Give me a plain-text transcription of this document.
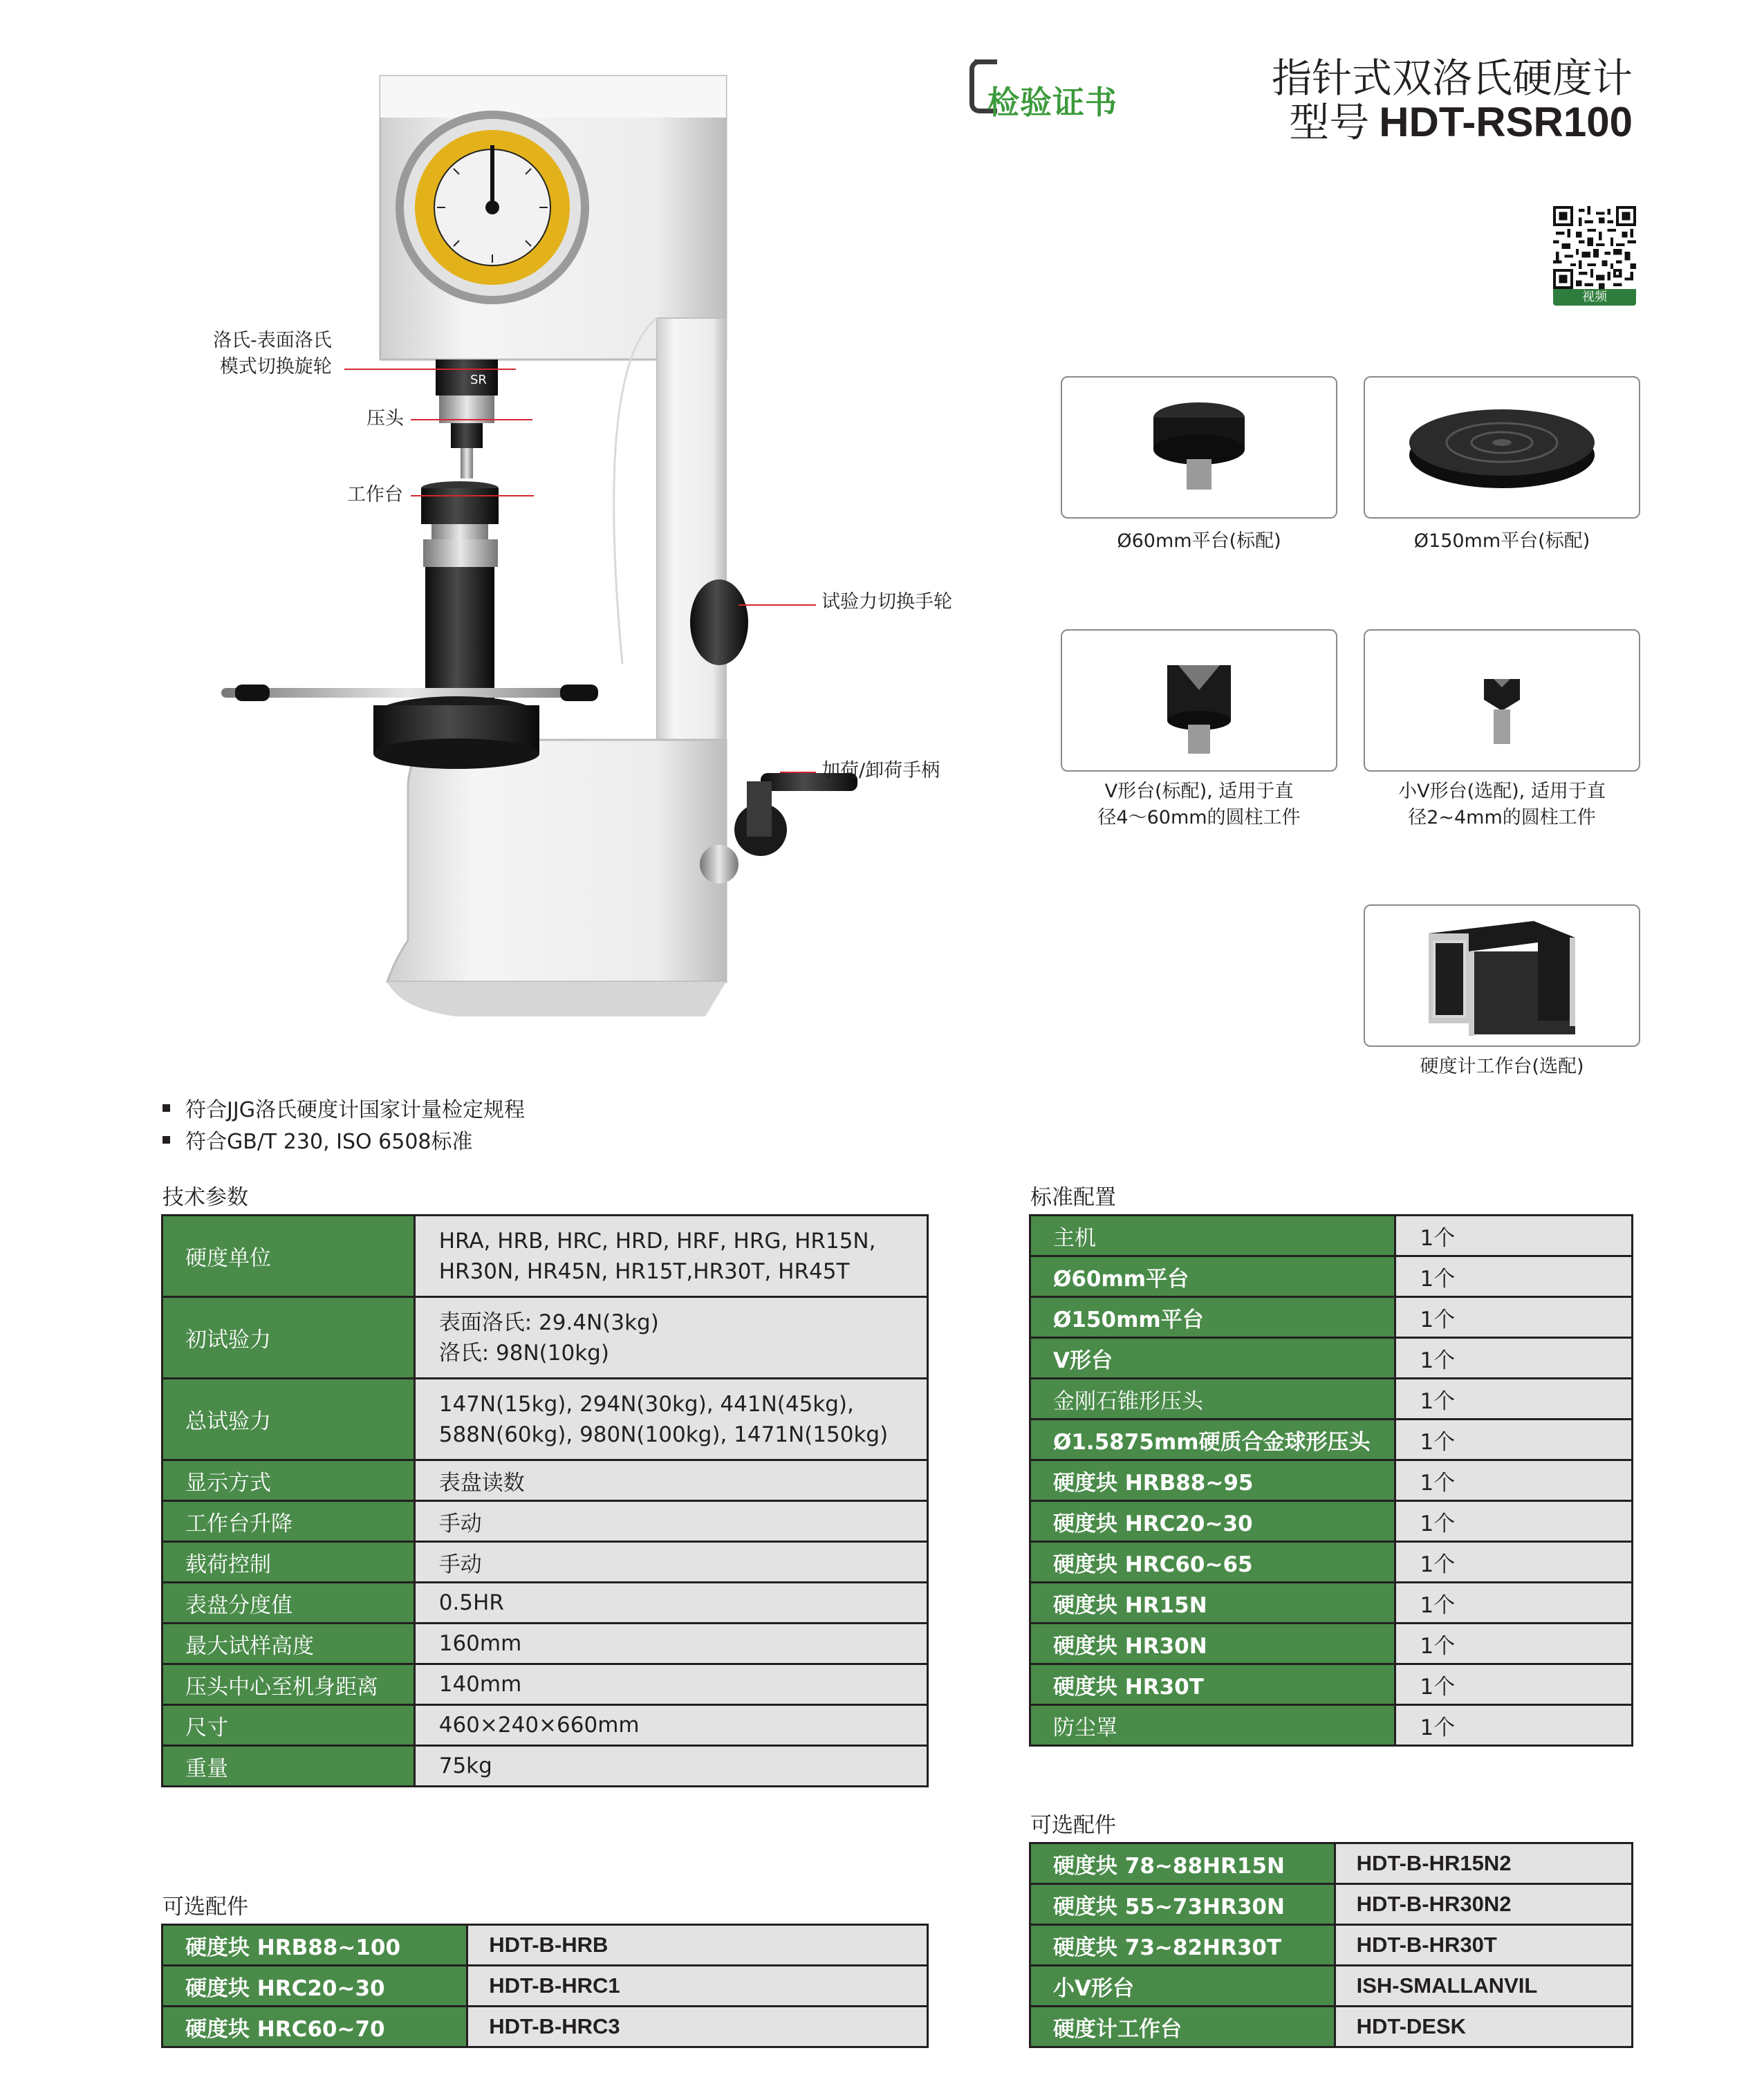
检验证书
指针式双洛氏硬度计
型号 HDT-RSR100
视频
SR
洛氏-表面洛氏
模式切换旋轮
压头
工作台
试验力切换手轮
加荷/卸荷手柄
Ø60mm平台(标配)	Ø150mm平台(标配)
V形台(标配), 适用于直
径4～60mm的圆柱工件
小V形台(选配), 适用于直
径2~4mm的圆柱工件
硬度计工作台(选配)
符合JJG洛氏硬度计国家计量检定规程
符合GB/T 230, ISO 6508标准
技术参数
硬度单位	HRA, HRB, HRC, HRD, HRF, HRG, HR15N,
HR30N, HR45N, HR15T,HR30T, HR45T

初试验力	表面洛氏: 29.4N(3kg)
洛氏: 98N(10kg)

总试验力	147N(15kg), 294N(30kg), 441N(45kg),
588N(60kg), 980N(100kg), 1471N(150kg)

显示方式	表盘读数
工作台升降	手动
载荷控制	手动
表盘分度值	0.5HR
最大试样高度	160mm
压头中心至机身距离	140mm
尺寸	460×240×660mm
重量	75kg
标准配置
主机	1个
Ø60mm平台	1个
Ø150mm平台	1个
V形台	1个
金刚石锥形压头	1个
Ø1.5875mm硬质合金球形压头	1个
硬度块 HRB88~95	1个
硬度块 HRC20~30	1个
硬度块 HRC60~65	1个
硬度块 HR15N	1个
硬度块 HR30N	1个
硬度块 HR30T	1个
防尘罩	1个
可选配件
硬度块 78~88HR15N	HDT-B-HR15N2
硬度块 55~73HR30N	HDT-B-HR30N2
硬度块 73~82HR30T	HDT-B-HR30T
小V形台	ISH-SMALLANVIL
硬度计工作台	HDT-DESK
可选配件
硬度块 HRB88~100	HDT-B-HRB
硬度块 HRC20~30	HDT-B-HRC1
硬度块 HRC60~70	HDT-B-HRC3
